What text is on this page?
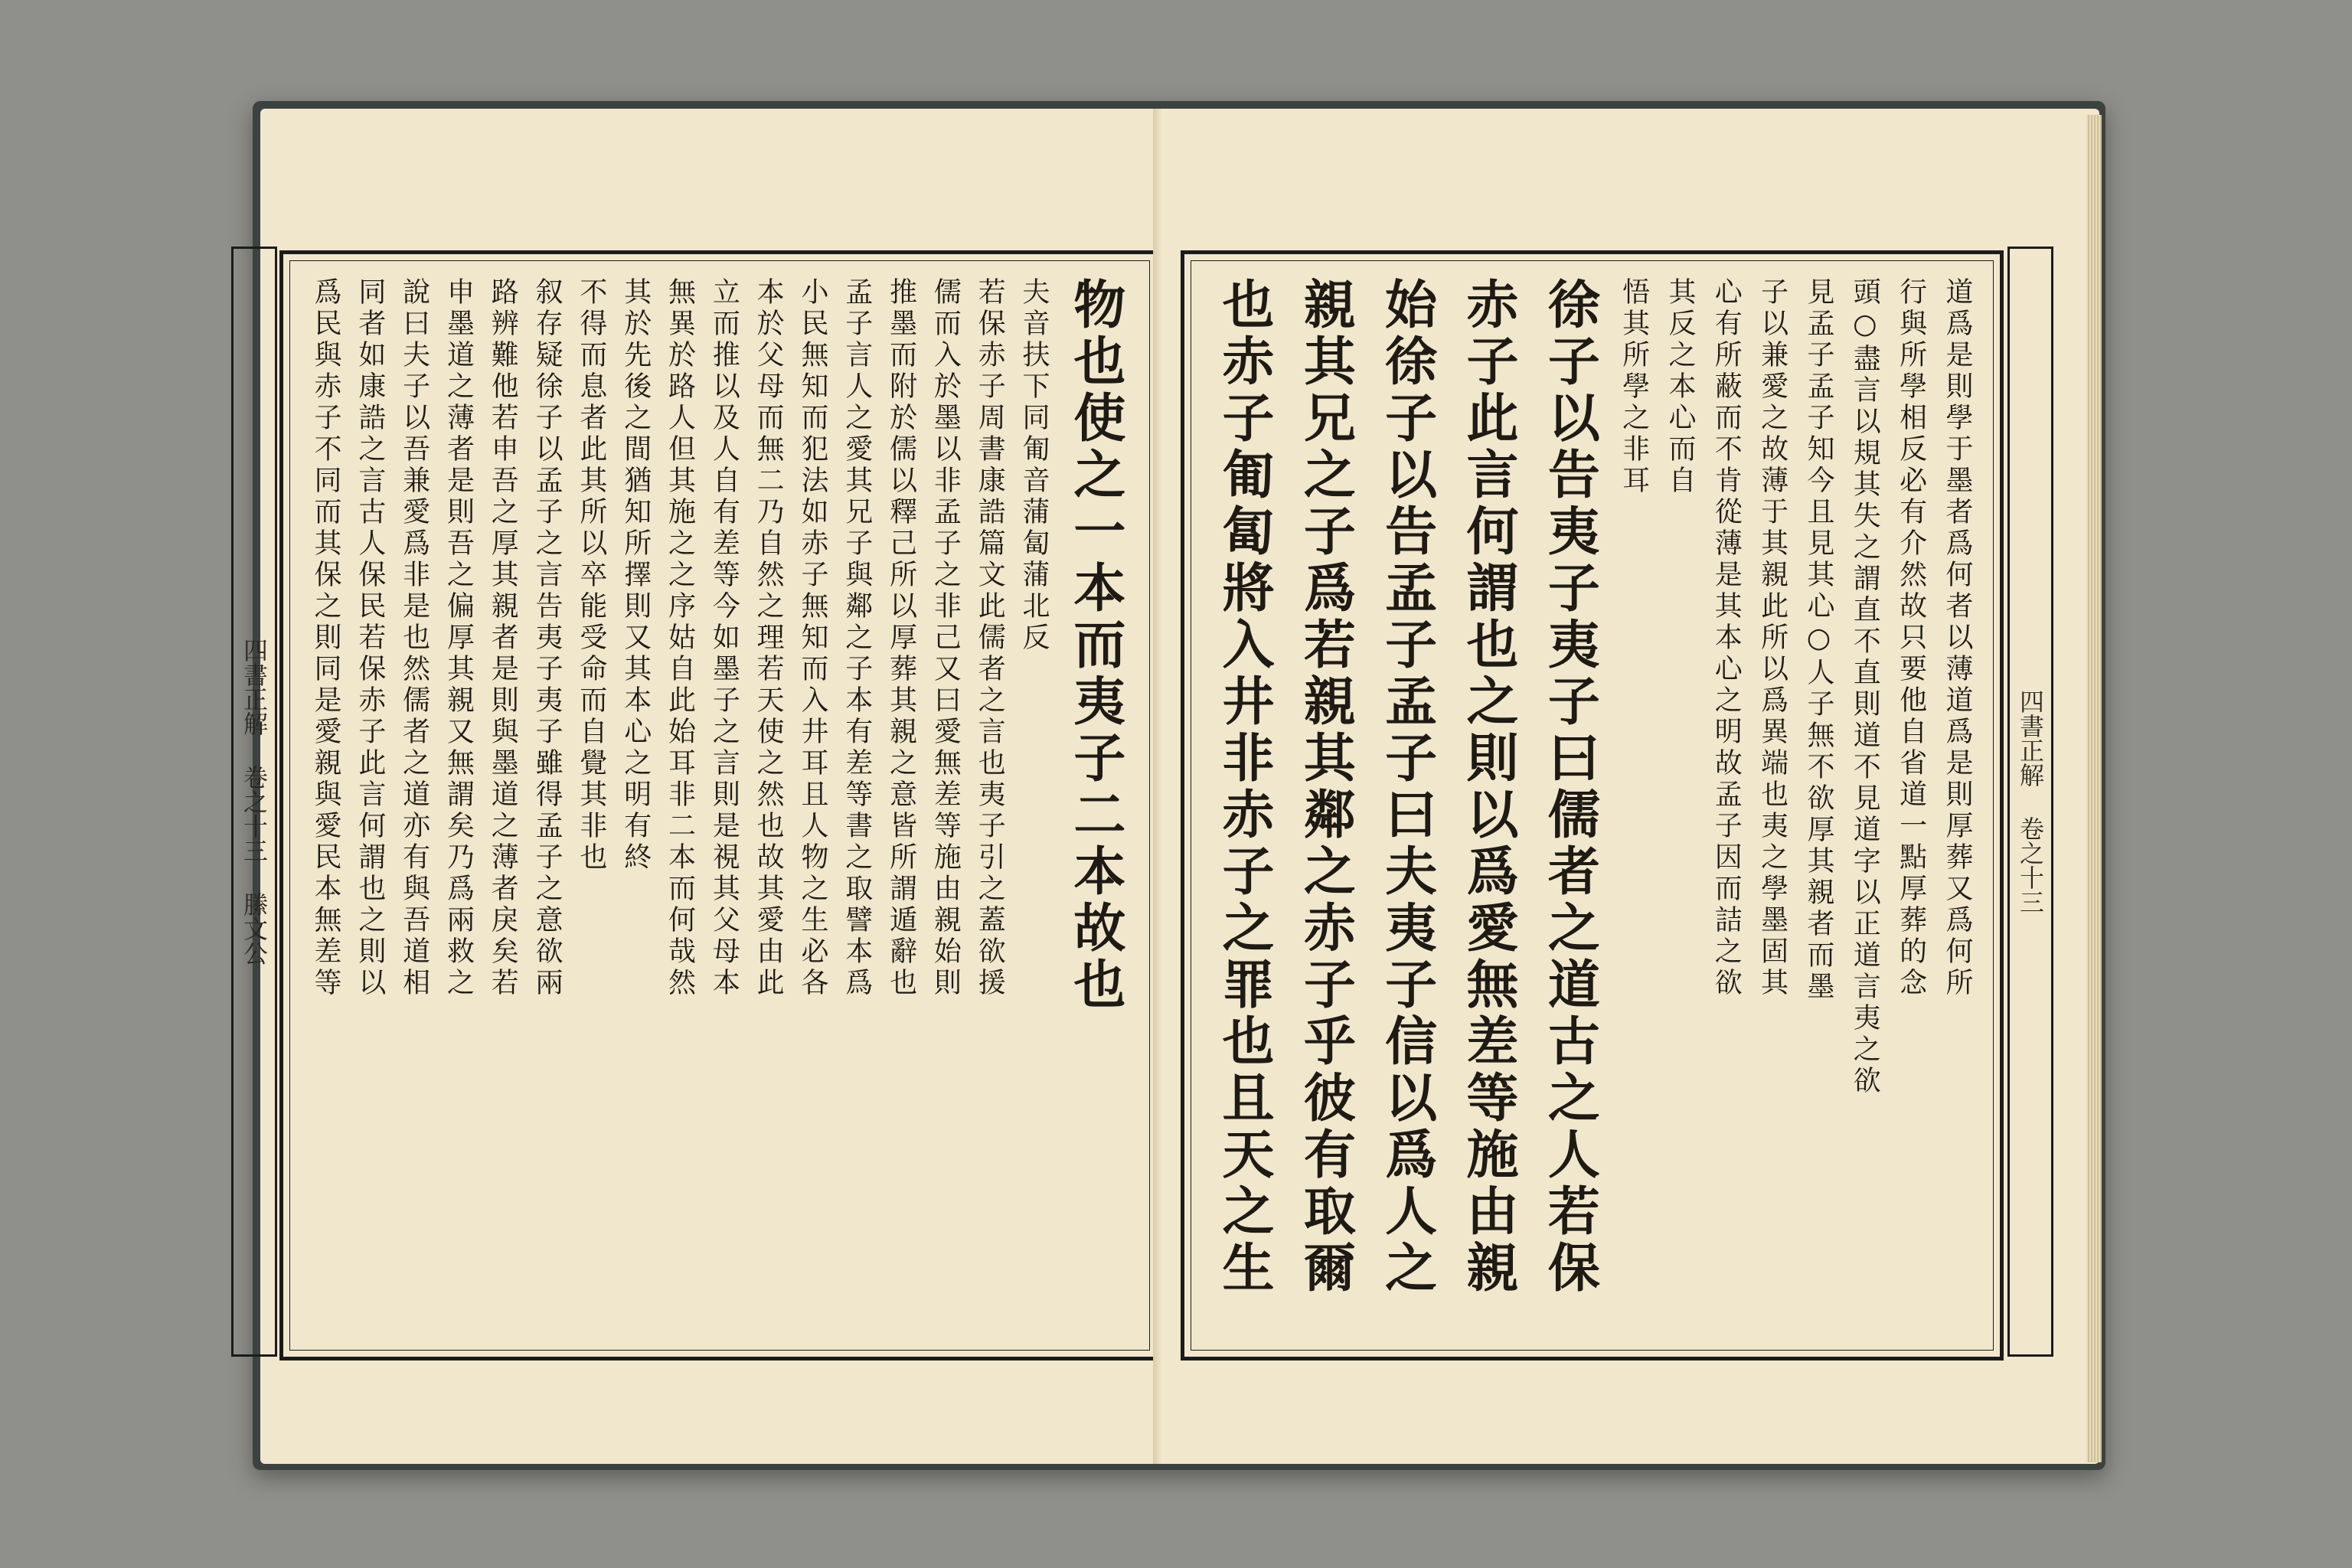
四書正解 卷之十三 縢文公	物也使之一本而夷子二本故也
夫音扶下同匍音蒲匐蒲北反
若保赤子周書康誥篇文此儒者之言也夷子引之蓋欲援
儒而入於墨以非孟子之非己又曰愛無差等施由親始則
推墨而附於儒以釋己所以厚葬其親之意皆所謂遁辭也
孟子言人之愛其兄子與鄰之子本有差等書之取譬本爲
小民無知而犯法如赤子無知而入井耳且人物之生必各
本於父母而無二乃自然之理若天使之然也故其愛由此
立而推以及人自有差等今如墨子之言則是視其父母本
無異於路人但其施之之序姑自此始耳非二本而何哉然
其於先後之間猶知所擇則又其本心之明有終
不得而息者此其所以卒能受命而自覺其非也
叙存疑徐子以孟子之言告夷子夷子雖得孟子之意欲兩
路辨難他若申吾之厚其親者是則與墨道之薄者戾矣若
申墨道之薄者是則吾之偏厚其親又無謂矣乃爲兩救之
說曰夫子以吾兼愛爲非是也然儒者之道亦有與吾道相
同者如康誥之言古人保民若保赤子此言何謂也之則以
爲民與赤子不同而其保之則同是愛親與愛民本無差等	道爲是則學于墨者爲何者以薄道爲是則厚葬又爲何所
行與所學相反必有介然故只要他自省道一點厚葬的念
頭○盡言以規其失之謂直不直則道不見道字以正道言夷之欲
見孟子孟子知今且見其心○人子無不欲厚其親者而墨
子以兼愛之故薄于其親此所以爲異端也夷之學墨固其
心有所蔽而不肯從薄是其本心之明故孟子因而詰之欲
其反之本心而自
悟其所學之非耳
徐子以告夷子夷子曰儒者之道古之人若保
赤子此言何謂也之則以爲愛無差等施由親
始徐子以告孟子孟子曰夫夷子信以爲人之
親其兄之子爲若親其鄰之赤子乎彼有取爾
也赤子匍匐將入井非赤子之罪也且天之生	四書正解 卷之十三
